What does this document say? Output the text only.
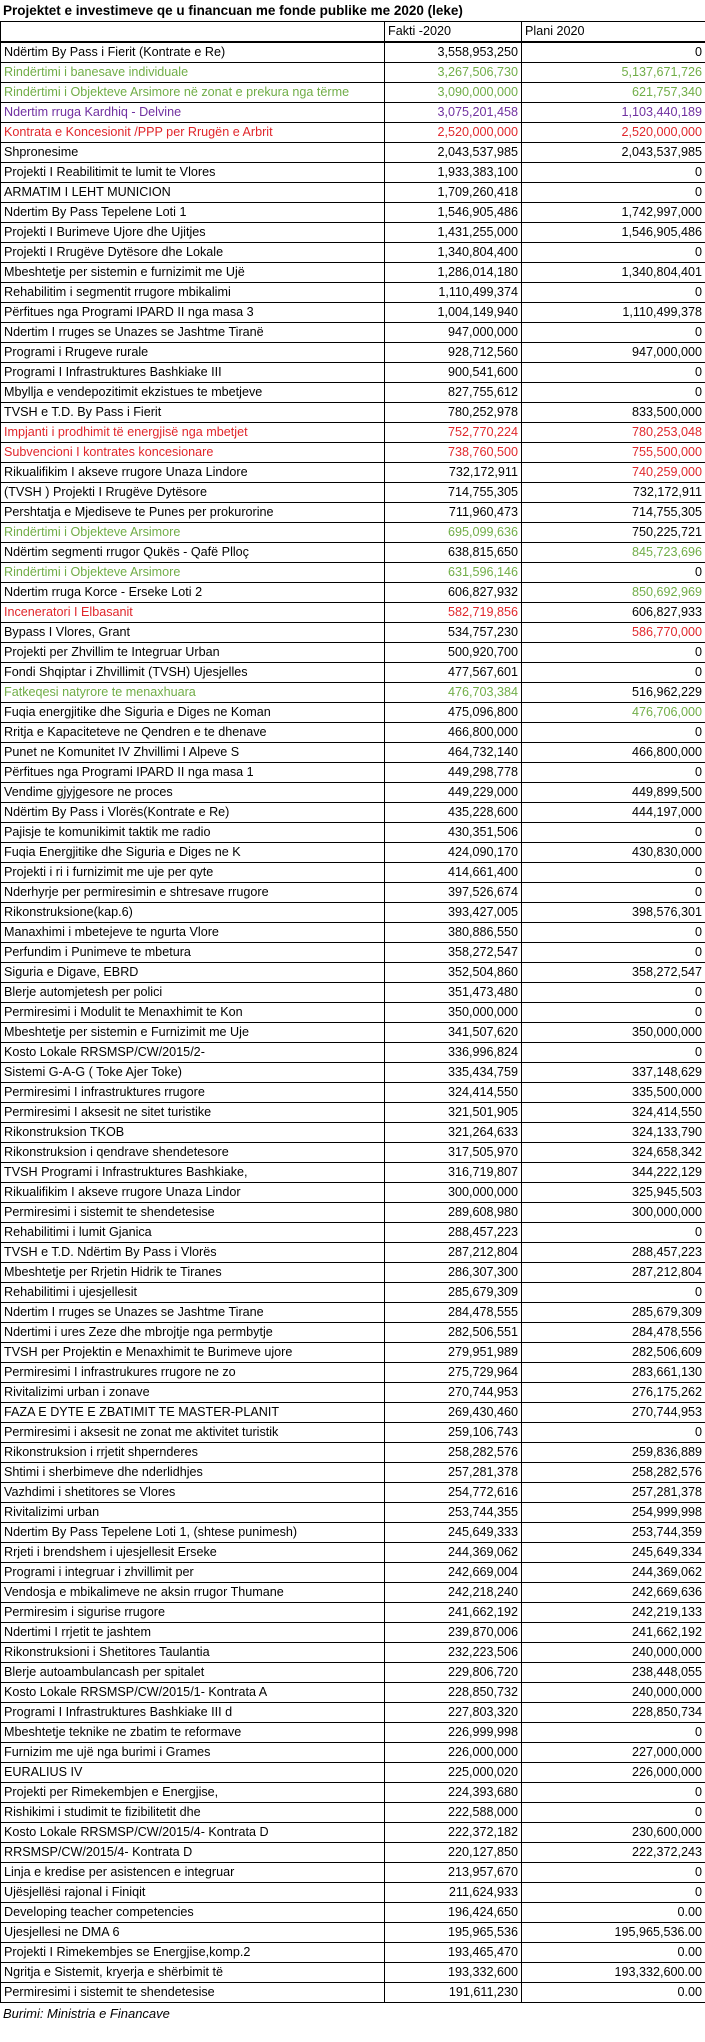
Projektet e investimeve qe u financuan me fonde publike me 2020 (leke)
	Fakti -2020	Plani 2020
Ndërtim By Pass i Fierit (Kontrate e Re)	3,558,953,250	0
Rindërtimi i banesave individuale	3,267,506,730	5,137,671,726
Rindërtimi i Objekteve Arsimore në zonat e prekura nga tërme	3,090,000,000	621,757,340
Ndertim rruga Kardhiq - Delvine	3,075,201,458	1,103,440,189
Kontrata e Koncesionit /PPP per Rrugën e Arbrit	2,520,000,000	2,520,000,000
Shpronesime	2,043,537,985	2,043,537,985
Projekti I Reabilitimit te lumit te Vlores	1,933,383,100	0
ARMATIM I LEHT MUNICION	1,709,260,418	0
Ndertim By Pass Tepelene Loti 1	1,546,905,486	1,742,997,000
Projekti I Burimeve Ujore dhe Ujitjes	1,431,255,000	1,546,905,486
Projekti I Rrugëve Dytësore dhe Lokale	1,340,804,400	0
Mbeshtetje per sistemin e furnizimit me Ujë	1,286,014,180	1,340,804,401
Rehabilitim i segmentit rrugore mbikalimi	1,110,499,374	0
Përfitues nga Programi IPARD II nga masa 3	1,004,149,940	1,110,499,378
Ndertim I rruges se Unazes se Jashtme Tiranë	947,000,000	0
Programi i Rrugeve rurale	928,712,560	947,000,000
Programi I Infrastruktures Bashkiake III	900,541,600	0
Mbyllja e vendepozitimit ekzistues te mbetjeve	827,755,612	0
TVSH e T.D. By Pass i Fierit	780,252,978	833,500,000
Impjanti i prodhimit të energjisë nga mbetjet	752,770,224	780,253,048
Subvencioni I kontrates koncesionare	738,760,500	755,500,000
Rikualifikim I akseve rrugore Unaza Lindore	732,172,911	740,259,000
(TVSH ) Projekti I Rrugëve Dytësore	714,755,305	732,172,911
Pershtatja e Mjediseve te Punes per prokurorine	711,960,473	714,755,305
Rindërtimi i Objekteve Arsimore	695,099,636	750,225,721
Ndërtim segmenti rrugor Qukës - Qafë Plloç	638,815,650	845,723,696
Rindërtimi i Objekteve Arsimore	631,596,146	0
Ndertim rruga Korce - Erseke Loti 2	606,827,932	850,692,969
Inceneratori I Elbasanit	582,719,856	606,827,933
Bypass I Vlores, Grant	534,757,230	586,770,000
Projekti per Zhvillim te Integruar Urban	500,920,700	0
Fondi Shqiptar i Zhvillimit (TVSH) Ujesjelles	477,567,601	0
Fatkeqesi natyrore te menaxhuara	476,703,384	516,962,229
Fuqia energjitike dhe Siguria e Diges ne Koman	475,096,800	476,706,000
Rritja e Kapaciteteve ne Qendren e te dhenave	466,800,000	0
Punet ne Komunitet IV Zhvillimi I Alpeve S	464,732,140	466,800,000
Përfitues nga Programi IPARD II nga masa 1	449,298,778	0
Vendime gjyjgesore ne proces	449,229,000	449,899,500
Ndërtim By Pass i Vlorës(Kontrate e Re)	435,228,600	444,197,000
Pajisje te komunikimit taktik me radio	430,351,506	0
Fuqia Energjitike dhe Siguria e Diges ne K	424,090,170	430,830,000
Projekti i ri i furnizimit me uje per qyte	414,661,400	0
Nderhyrje per permiresimin e shtresave rrugore	397,526,674	0
Rikonstruksione(kap.6)	393,427,005	398,576,301
Manaxhimi i mbetejeve te ngurta Vlore	380,886,550	0
Perfundim i Punimeve te mbetura	358,272,547	0
Siguria e Digave, EBRD	352,504,860	358,272,547
Blerje automjetesh per polici	351,473,480	0
Permiresimi i Modulit te Menaxhimit te Kon	350,000,000	0
Mbeshtetje per sistemin e Furnizimit me Uje	341,507,620	350,000,000
Kosto Lokale RRSMSP/CW/2015/2-	336,996,824	0
Sistemi G-A-G ( Toke Ajer Toke)	335,434,759	337,148,629
Permiresimi I infrastruktures rrugore	324,414,550	335,500,000
Permiresimi I aksesit ne sitet turistike	321,501,905	324,414,550
Rikonstruksion TKOB	321,264,633	324,133,790
Rikonstruksion i qendrave shendetesore	317,505,970	324,658,342
TVSH Programi i Infrastruktures Bashkiake,	316,719,807	344,222,129
Rikualifikim I akseve rrugore Unaza Lindor	300,000,000	325,945,503
Permiresimi i sistemit te shendetesise	289,608,980	300,000,000
Rehabilitimi i lumit Gjanica	288,457,223	0
TVSH e T.D. Ndërtim By Pass i Vlorës	287,212,804	288,457,223
Mbeshtetje per Rrjetin Hidrik te Tiranes	286,307,300	287,212,804
Rehabilitimi i ujesjellesit	285,679,309	0
Ndertim I rruges se Unazes se Jashtme Tirane	284,478,555	285,679,309
Ndertimi i ures Zeze dhe mbrojtje nga permbytje	282,506,551	284,478,556
TVSH per Projektin e Menaxhimit te Burimeve ujore	279,951,989	282,506,609
Permiresimi I infrastrukures rrugore ne zo	275,729,964	283,661,130
Rivitalizimi urban i zonave	270,744,953	276,175,262
FAZA E DYTE E ZBATIMIT TE MASTER-PLANIT	269,430,460	270,744,953
Permiresimi i aksesit ne zonat me aktivitet turistik	259,106,743	0
Rikonstruksion i rrjetit shpernderes	258,282,576	259,836,889
Shtimi i sherbimeve dhe nderlidhjes	257,281,378	258,282,576
Vazhdimi i shetitores se Vlores	254,772,616	257,281,378
Rivitalizimi urban	253,744,355	254,999,998
Ndertim By Pass Tepelene Loti 1, (shtese punimesh)	245,649,333	253,744,359
Rrjeti i brendshem i ujesjellesit Erseke	244,369,062	245,649,334
Programi i integruar i zhvillimit per	242,669,004	244,369,062
Vendosja e mbikalimeve ne aksin rrugor Thumane	242,218,240	242,669,636
Permiresim i sigurise rrugore	241,662,192	242,219,133
Ndertimi I rrjetit te jashtem	239,870,006	241,662,192
Rikonstruksioni i Shetitores Taulantia	232,223,506	240,000,000
Blerje autoambulancash per spitalet	229,806,720	238,448,055
Kosto Lokale RRSMSP/CW/2015/1- Kontrata A	228,850,732	240,000,000
Programi I Infrastruktures Bashkiake III d	227,803,320	228,850,734
Mbeshtetje teknike ne zbatim te reformave	226,999,998	0
Furnizim me ujë nga burimi i Grames	226,000,000	227,000,000
EURALIUS IV	225,000,020	226,000,000
Projekti per Rimekembjen e Energjise,	224,393,680	0
Rishikimi i studimit te fizibilitetit dhe	222,588,000	0
Kosto Lokale RRSMSP/CW/2015/4- Kontrata D	222,372,182	230,600,000
RRSMSP/CW/2015/4- Kontrata D	220,127,850	222,372,243
Linja e kredise per asistencen e integruar	213,957,670	0
Ujësjellësi rajonal i Finiqit	211,624,933	0
Developing teacher competencies	196,424,650	0.00
Ujesjellesi ne DMA 6	195,965,536	195,965,536.00
Projekti I Rimekembjes se Energjise,komp.2	193,465,470	0.00
Ngritja e Sistemit, kryerja e shërbimit të	193,332,600	193,332,600.00
Permiresimi i sistemit te shendetesise	191,611,230	0.00
Burimi: Ministria e Financave
